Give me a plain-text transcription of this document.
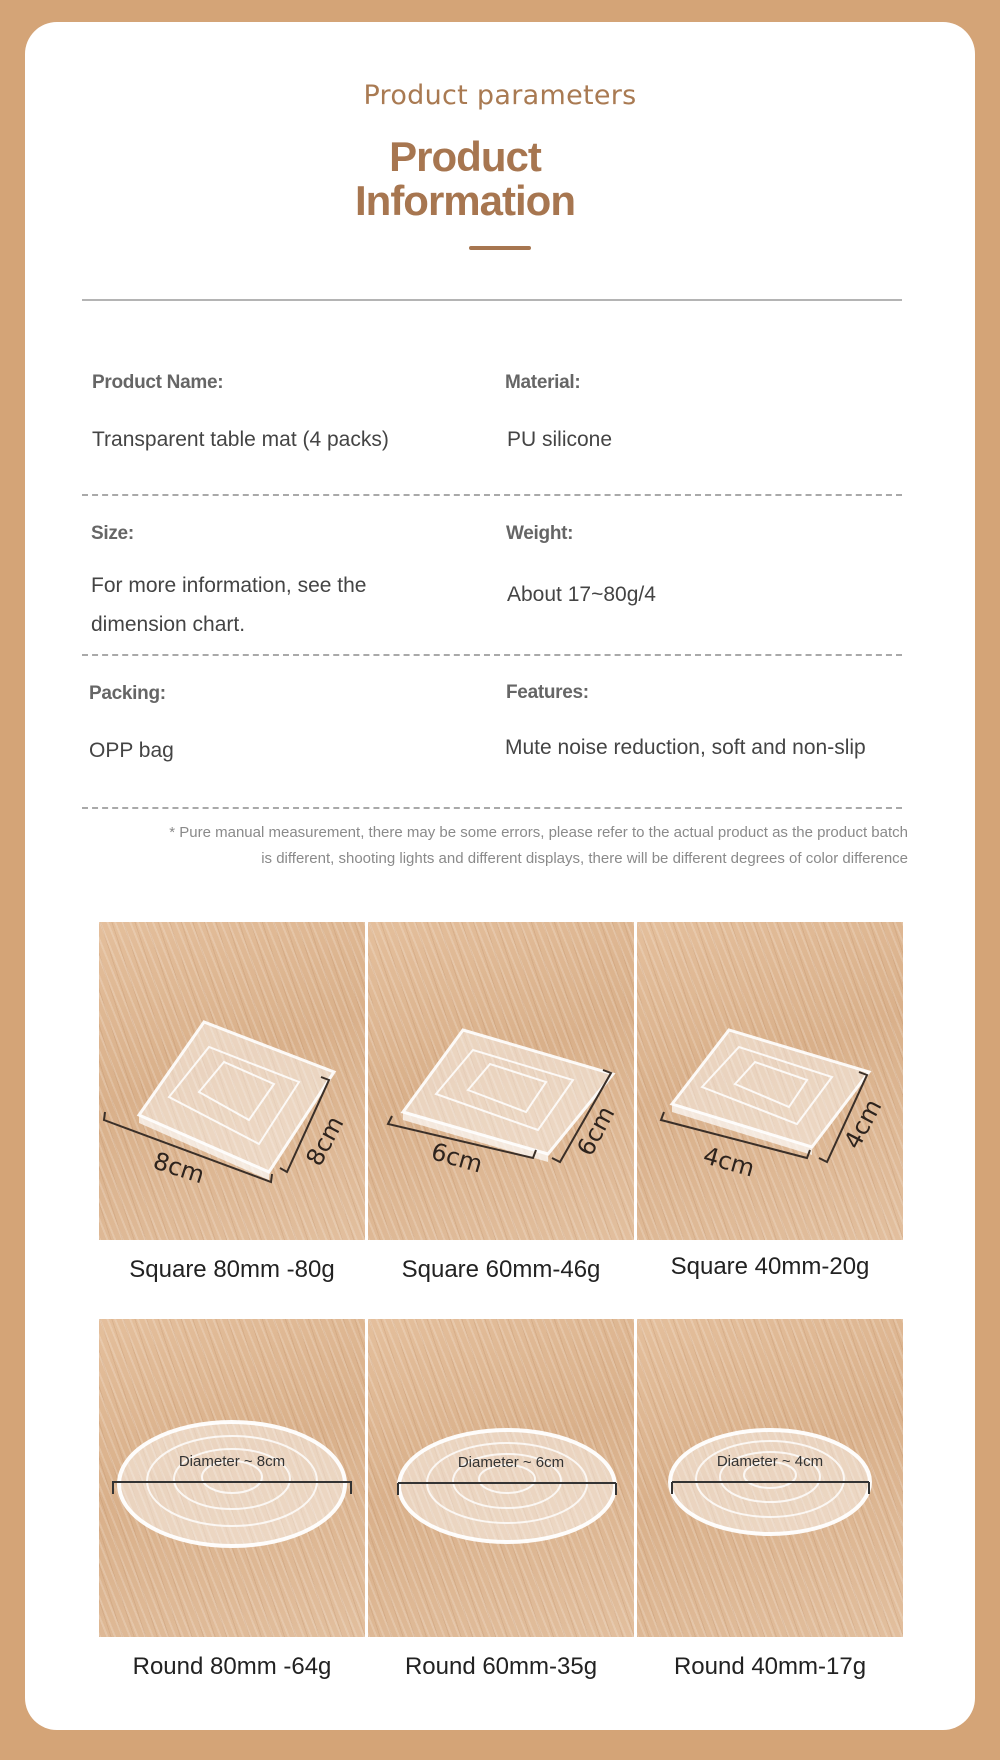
Product parameters
Product Information
Product Name:
Transparent table mat (4 packs)
Material:
PU silicone
Size:
For more information, see the
dimension chart.
Weight:
About 17~80g/4
Packing:
OPP bag
Features:
Mute noise reduction, soft and non-slip
* Pure manual measurement, there may be some errors, please refer to the actual product as the product batch
is different, shooting lights and different displays, there will be different degrees of color difference
8cm	8cm	6cm	6cm
4cm
4cm
Square 80mm -80g	Square 60mm-46g	Square 40mm-20g
Diameter ~ 8cm	Diameter ~ 6cm	Diameter ~ 4cm
Round 80mm -64g	Round 60mm-35g	Round 40mm-17g
